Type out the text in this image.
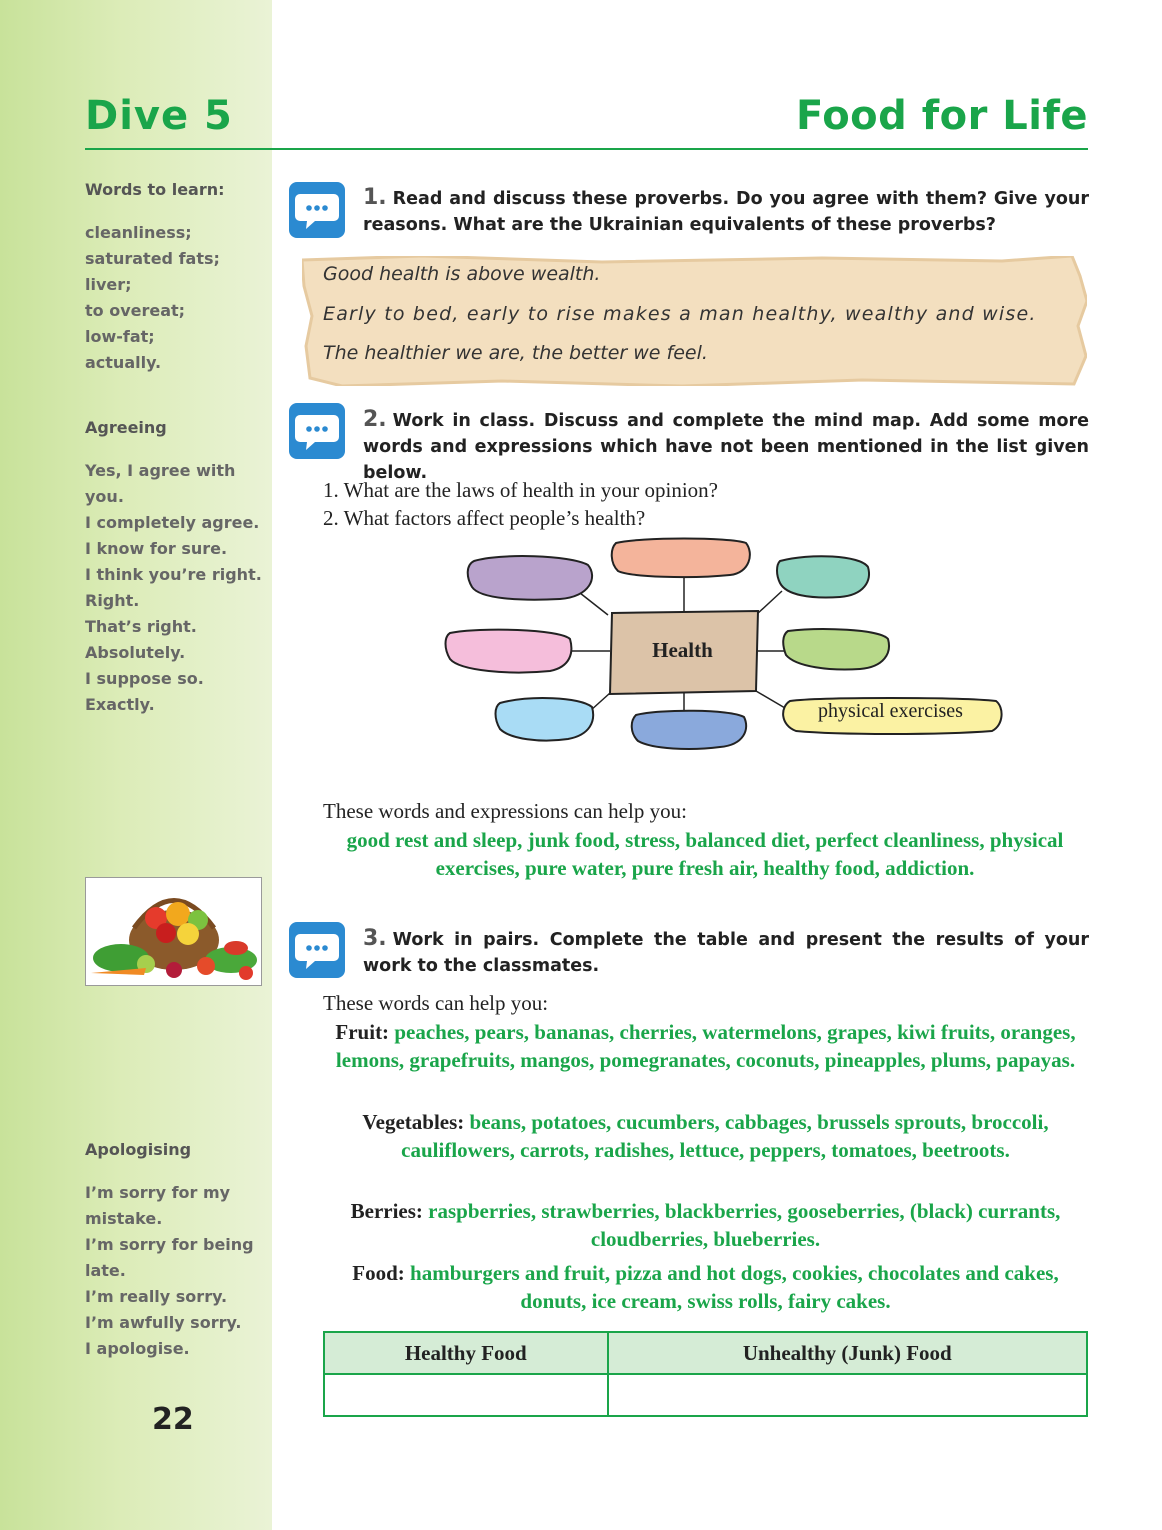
Dive 5	Food for Life
Words to learn:
cleanliness;
saturated fats;
liver;
to overeat;
low-fat;
actually.
Agreeing
Yes, I agree with
you.
I completely agree.
I know for sure.
I think you’re right.
Right.
That’s right.
Absolutely.
I suppose so.
Exactly.
Apologising
I’m sorry for my
mistake.
I’m sorry for being
late.
I’m really sorry.
I’m awfully sorry.
I apologise.
22
1. Read and discuss these proverbs. Do you agree with them? Give your reasons. What are the Ukrainian equivalents of these proverbs?
Good health is above wealth.
Early to bed, early to rise makes a man healthy, wealthy and wise.
The healthier we are, the better we feel.
2. Work in class. Discuss and complete the mind map. Add some more words and expressions which have not been mentioned in the list given below.
1. What are the laws of health in your opinion?
2. What factors affect people’s health?
Health
physical exercises
These words and expressions can help you:
good rest and sleep, junk food, stress, balanced diet, perfect cleanliness, physical exercises, pure water, pure fresh air, healthy food, addiction.
3. Work in pairs. Complete the table and present the results of your work to the classmates.
These words can help you:
Fruit: peaches, pears, bananas, cherries, watermelons, grapes, kiwi fruits, oranges, lemons, grapefruits, mangos, pomegranates, coconuts, pineapples, plums, papayas.
Vegetables: beans, potatoes, cucumbers, cabbages, brussels sprouts, broccoli, cauliflowers, carrots, radishes, lettuce, peppers, tomatoes, beetroots.
Berries: raspberries, strawberries, blackberries, gooseberries, (black) currants, cloudberries, blueberries.
Food: hamburgers and fruit, pizza and hot dogs, cookies, chocolates and cakes, donuts, ice cream, swiss rolls, fairy cakes.
Healthy Food	Unhealthy (Junk) Food
